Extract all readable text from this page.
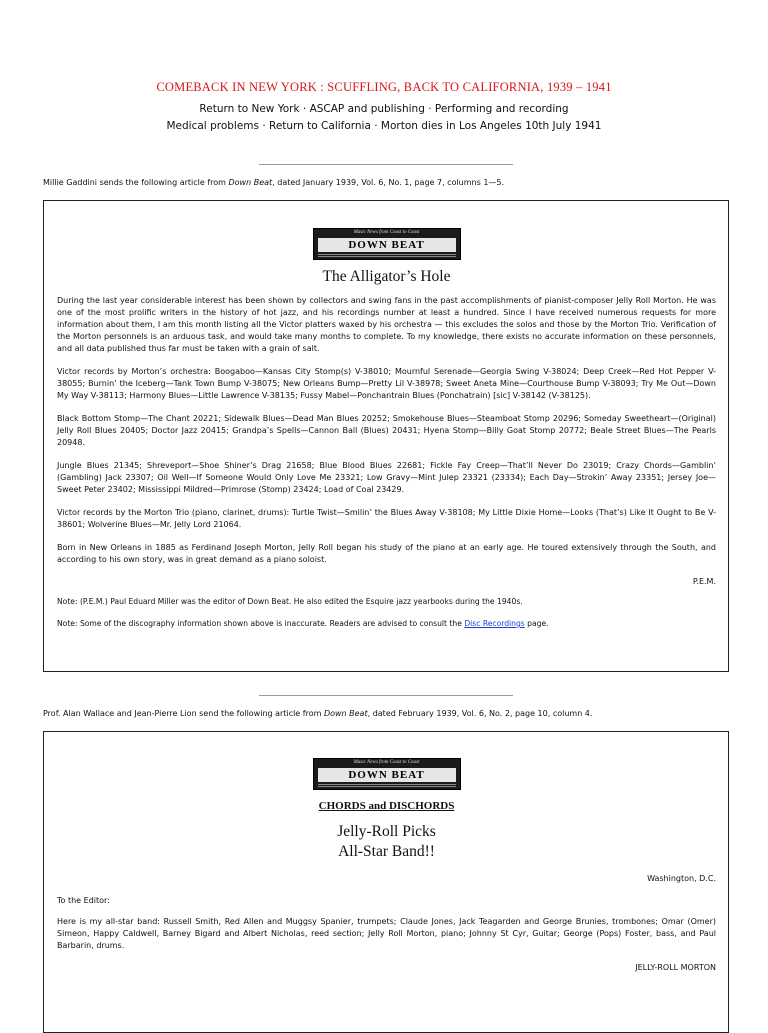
COMEBACK IN NEW YORK : SCUFFLING, BACK TO CALIFORNIA, 1939 – 1941
Return to New York · ASCAP and publishing · Performing and recording
Medical problems · Return to California · Morton dies in Los Angeles 10th July 1941
Millie Gaddini sends the following article from Down Beat, dated January 1939, Vol. 6, No. 1, page 7, columns 1—5.
Music News from Coast to Coast
DOWN BEAT
The Alligator’s Hole

During the last year considerable interest has been shown by collectors and swing fans in the past accomplishments of pianist-composer Jelly Roll Morton. He was one of the most prolific writers in the history of hot jazz, and his recordings number at least a hundred. Since I have received numerous requests for more information about them, I am this month listing all the Victor platters waxed by his orchestra — this excludes the solos and those by the Morton Trio. Verification of the Morton personnels is an arduous task, and would take many months to complete. To my knowledge, there exists no accurate information on these personnels, and all data published thus far must be taken with a grain of salt.

Victor records by Morton’s orchestra: Boogaboo—Kansas City Stomp(s) V-38010; Mournful Serenade—Georgia Swing V-38024; Deep Creek—Red Hot Pepper V-38055; Burnin’ the Iceberg—Tank Town Bump V-38075; New Orleans Bump—Pretty Lil V-38978; Sweet Aneta Mine—Courthouse Bump V-38093; Try Me Out—Down My Way V-38113; Harmony Blues—Little Lawrence V-38135; Fussy Mabel—Ponchantrain Blues (Ponchatrain) [sic] V-38142 (V-38125).

Black Bottom Stomp—The Chant 20221; Sidewalk Blues—Dead Man Blues 20252; Smokehouse Blues—Steamboat Stomp 20296; Someday Sweetheart—(Original) Jelly Roll Blues 20405; Doctor Jazz 20415; Grandpa’s Spells—Cannon Ball (Blues) 20431; Hyena Stomp—Billy Goat Stomp 20772; Beale Street Blues—The Pearls 20948.

Jungle Blues 21345; Shreveport—Shoe Shiner’s Drag 21658; Blue Blood Blues 22681; Fickle Fay Creep—That’ll Never Do 23019; Crazy Chords—Gamblin’ (Gambling) Jack 23307; Oil Well—If Someone Would Only Love Me 23321; Low Gravy—Mint Julep 23321 (23334); Each Day—Strokin’ Away 23351; Jersey Joe—Sweet Peter 23402; Mississippi Mildred—Primrose (Stomp) 23424; Load of Coal 23429.

Victor records by the Morton Trio (piano, clarinet, drums): Turtle Twist—Smilin’ the Blues Away V-38108; My Little Dixie Home—Looks (That’s) Like It Ought to Be V-38601; Wolverine Blues—Mr. Jelly Lord 21064.

Born in New Orleans in 1885 as Ferdinand Joseph Morton, Jelly Roll began his study of the piano at an early age. He toured extensively through the South, and according to his own story, was in great demand as a piano soloist.

P.E.M.

Note: (P.E.M.) Paul Eduard Miller was the editor of Down Beat. He also edited the Esquire jazz yearbooks during the 1940s.

Note: Some of the discography information shown above is inaccurate. Readers are advised to consult the Disc Recordings page.

Prof. Alan Wallace and Jean-Pierre Lion send the following article from Down Beat, dated February 1939, Vol. 6, No. 2, page 10, column 4.
Music News from Coast to Coast
DOWN BEAT
CHORDS and DISCHORDS
Jelly-Roll Picks
All-Star Band!!
Washington, D.C.
To the Editor:

Here is my all-star band: Russell Smith, Red Allen and Muggsy Spanier, trumpets; Claude Jones, Jack Teagarden and George Brunies, trombones; Omar (Omer) Simeon, Happy Caldwell, Barney Bigard and Albert Nicholas, reed section; Jelly Roll Morton, piano; Johnny St Cyr, Guitar; George (Pops) Foster, bass, and Paul Barbarin, drums.

JELLY-ROLL MORTON
